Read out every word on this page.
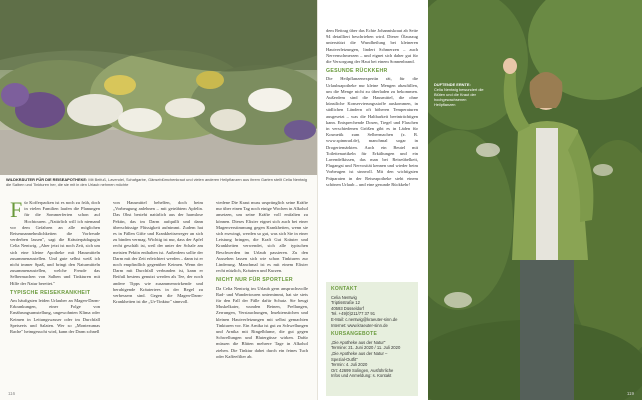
WILDKRÄUTER FÜR DIE REISEAPOTHEKE: Mit Beifuß, Lavendel, Schafgarbe, Gänseblümchenkraut und vielen anderen Heilpflanzen aus ihrem Garten stellt Celia Nentwig die Salben und Tinkturen her, die sie mit in den Urlaub nehmen möchte

Für Kofferpacken ist es noch zu früh, doch in vielen Familien laufen die Planungen für die Sommerferien schon auf Hochtouren. „Natürlich will ich niemand vor dem Gefahren an alle möglichen Reiseunannehmlichkeiten die Vorfreude verderben lassen", sagt die Kräuterpädagogin Celia Nentwig. „Aber jetzt ist noch Zeit, sich um sich eine kleine Apotheke mit Hausmitteln zusammenzustellen. Und gute selbst weiß ich nicht immer Spaß, und bringt den Naturmitteln zusammenzustellen, welche Freude das Selbermachen von Salben und Tinkturen mit Hilfe der Natur bereitet."

TYPISCHE REISEKRANKHEIT

Am häufigsten leiden Urlauber an Magen-Darm-Erkrankungen, einer Folge von Ernährungsumstellung, ungewohnten Klima oder Keimen in Leitungswasser oder im Durchfall Speiseeis und Salaten. Wer so „Montezumas Rache" heimgesucht wird, kann der Darm schnell

von Hausmittel behelfen, doch beim „Vorbeugung anlehnen – mit getrübtem Apfelin. Das Obst besteht natürlich aus der harmlose Pektin, das im Darm aufquillt und dann überschüssige Flüssigkeit aufnimmt. Zudem hat es in Fällen Gifte und Krankheitserreger an sich zu binden vermag. Wichtig ist nur, dass der Apfel recht geschält ist, weil der unter der Schale am meisten Pektin enthalten ist. Außerdem sollte der Darm mit der Zeit erleichtert werden – dann ist er noch empfindlich gegenüber Keimen. Wenn der Darm mit Durchfall verbunden ist, kann er Beifuß bestens genutzt werden als Tee, der noch andere Tipps wie zusammenwirkende und beruhigende Kräutertees in der Regel zu verbessern sind. Gegen die Magen-Darm-Krankheiten ist die „Ur-Tinktur" sinnvoll.

viedene Die Kraut muss ursprünglich seine Kräfte nur über einen Tag noch einige Wochen in Alkohol ansetzen, um seine Kräfte voll entfalten zu können. Dieses Elixier eignet sich auch bei einer Magenverstimmung gegen Krankheiten, wenn sie sich erzwingt, werden so gut, was sich Sie in einer Leistung bringen, die Kraft Gut Kräuter und Krankheiten verwendet, sich alle typischen Beschwerden im Urlaub passieren. Zu den Aussehen lassen sich wie schon Tinkturen zur Linderung. Manchmal ist es mit einem Elixier recht nützlich, Kräutern und Kurzen.

NICHT NUR FÜR SPORTLER

Da Celia Nentwig im Urlaub gern anspruchsvolle Rad- und Wandertouren unternimmt, hat sie stets für den Fall der Fälle dafür Schutz. Sie beugt Muskelkater, wunden Beinen, Prellungen, Zerrungen, Verstauchungen, Insektenstichen und kleinen Hautverletzungen mit selbst gemachten Tinkturen vor. Ein Arnika ist gut zu Schwellungen und Arnika mit Ringelblume, die gut gegen Schwellungen und Blutergüsse wirken. Dafür müssen die Blüten mehrere Tage in Alkohol ziehen. Die Tinktur dabei durch ein feines Tuch oder Kaffeefilter ab.

116

dem Beitrag über das Echte Johanniskraut ab Seite 94 detailliert beschrieben wird. Dieser Ölauszug unterstützt die Wundheilung bei kleineren Hautverletzungen, lindert Schmerzen – auch Nervenschmerzen – und eignet sich daher gut für die Versorgung der Haut bei einem Sonnenbrand.

GESUNDE RÜCKKEHR

Die Heilpflanzenexpertin rät, für die Urlaubsapotheke nur kleine Mengen abzufüllen, um die Menge nicht zu überladen zu bekommen. Außerdem sind die Hausmittel, die ohne künstliche Konservierungsstoffe auskommen, in südlichen Ländern oft höheren Temperaturen ausgesetzt – was die Haltbarkeit beeinträchtigen kann. Entsprechende Dosen, Tiegel und Flaschen in verschiedenen Größen gibt es in Läden für Kosmetik zum Selbermachen (z. B. www.spinnrad.de), manchmal sogar in Drogeriemärkten. Auch ein Beutel mit Toilettenartikeln für Erkältungen und ein Lavendelkissen, das man bei Reiseübelkeit, Flugangst und Nervosität kennen und wieder beim Vorbeugen ist sinnvoll. Mit den wichtigsten Präparaten in der Reiseapotheke steht einem schönen Urlaub – und eine gesunde Rückkehr!

KONTAKT
Celia Nentwig
Triptisstraße 12
40593 Düsseldorf
Tel. +49(0)211/77 37 91
E-Mail: c.nentwig@kraeuter-sinn.de
Internet: www.kraeuter-sinn.de
KURSANGEBOTE
„Die Apotheke aus der Natur"
Termine: 21. Juni 2020 / 11. Juli 2020
„Die Apotheke aus der Natur –
Spezial-Outfit"
Termin: 4. Juli 2020
Ort: 42699 Solingen, Ausführliche
Infos und Anmeldung: s. Kontakt
DUFTENDE ERNTE:
Celia Nentwig bewundert die Blüten und die Kraut der hochgewachsenen Heilpflanzen
119
